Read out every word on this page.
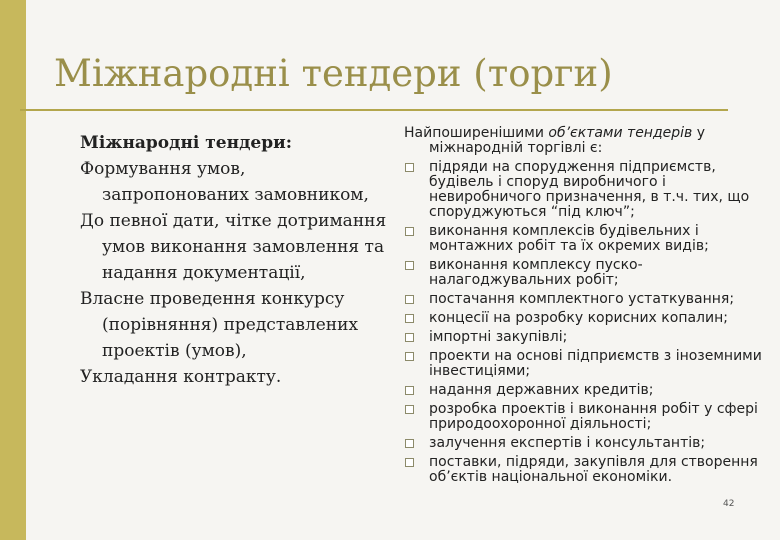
Міжнародні тендери (торги)

Міжнародні тендери:

Формування умов, запропонованих замовником,

До певної дати, чітке дотримання умов виконання замовлення та надання документації,

Власне проведення конкурсу (порівняння) представлених проектів (умов),

Укладання контракту.

Найпоширенішими об’єктами тендерів у міжнародній торгівлі є:

підряди на спорудження підприємств, будівель і споруд виробничого і невиробничого призначення, в т.ч. тих, що споруджуються “під ключ”;
виконання комплексів будівельних і монтажних робіт та їх окремих видів;
виконання комплексу пуско-налагоджувальних робіт;
постачання комплектного устаткування;
концесії на розробку корисних копалин;
імпортні закупівлі;
проекти на основі підприємств з іноземними інвестиціями;
надання державних кредитів;
розробка проектів і виконання робіт у сфері природоохоронної діяльності;
залучення експертів і консультантів;
поставки, підряди, закупівля для створення об’єктів національної економіки.
42
